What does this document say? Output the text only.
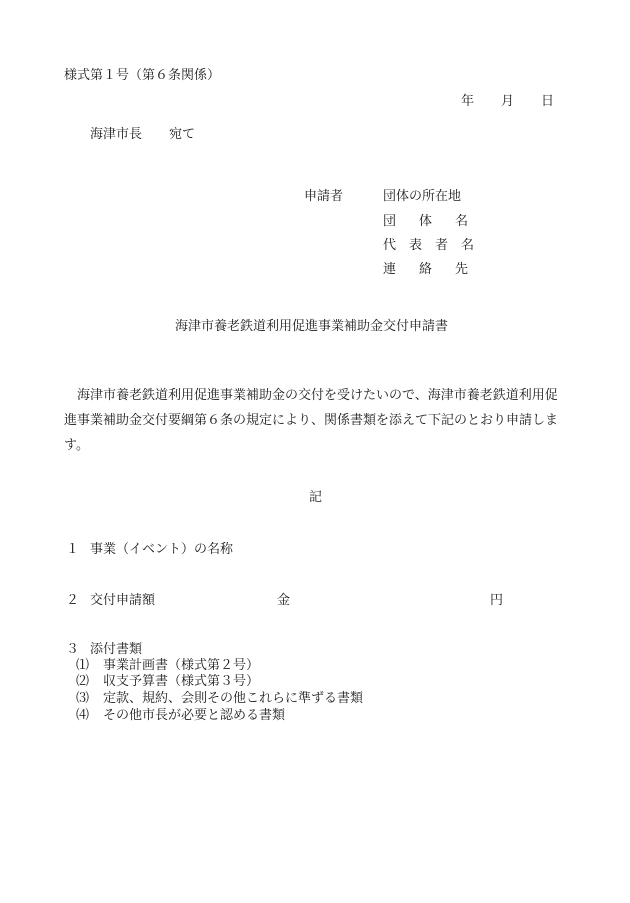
様式第１号（第６条関係）
年 月 日
海津市長 宛て
申請者	団体の所在地
団 体 名
代　表　者　名
連 絡 先
海津市養老鉄道利用促進事業補助金交付申請書
　海津市養老鉄道利用促進事業補助金の交付を受けたいので、海津市養老鉄道利用促
進事業補助金交付要綱第６条の規定により、関係書類を添えて下記のとおり申請しま
す。
記
１ 事業（イベント）の名称
２ 交付申請額	金	円
３ 添付書類
⑴ 事業計画書（様式第２号）
⑵ 収支予算書（様式第３号）
⑶ 定款、規約、会則その他これらに準ずる書類
⑷ その他市長が必要と認める書類
